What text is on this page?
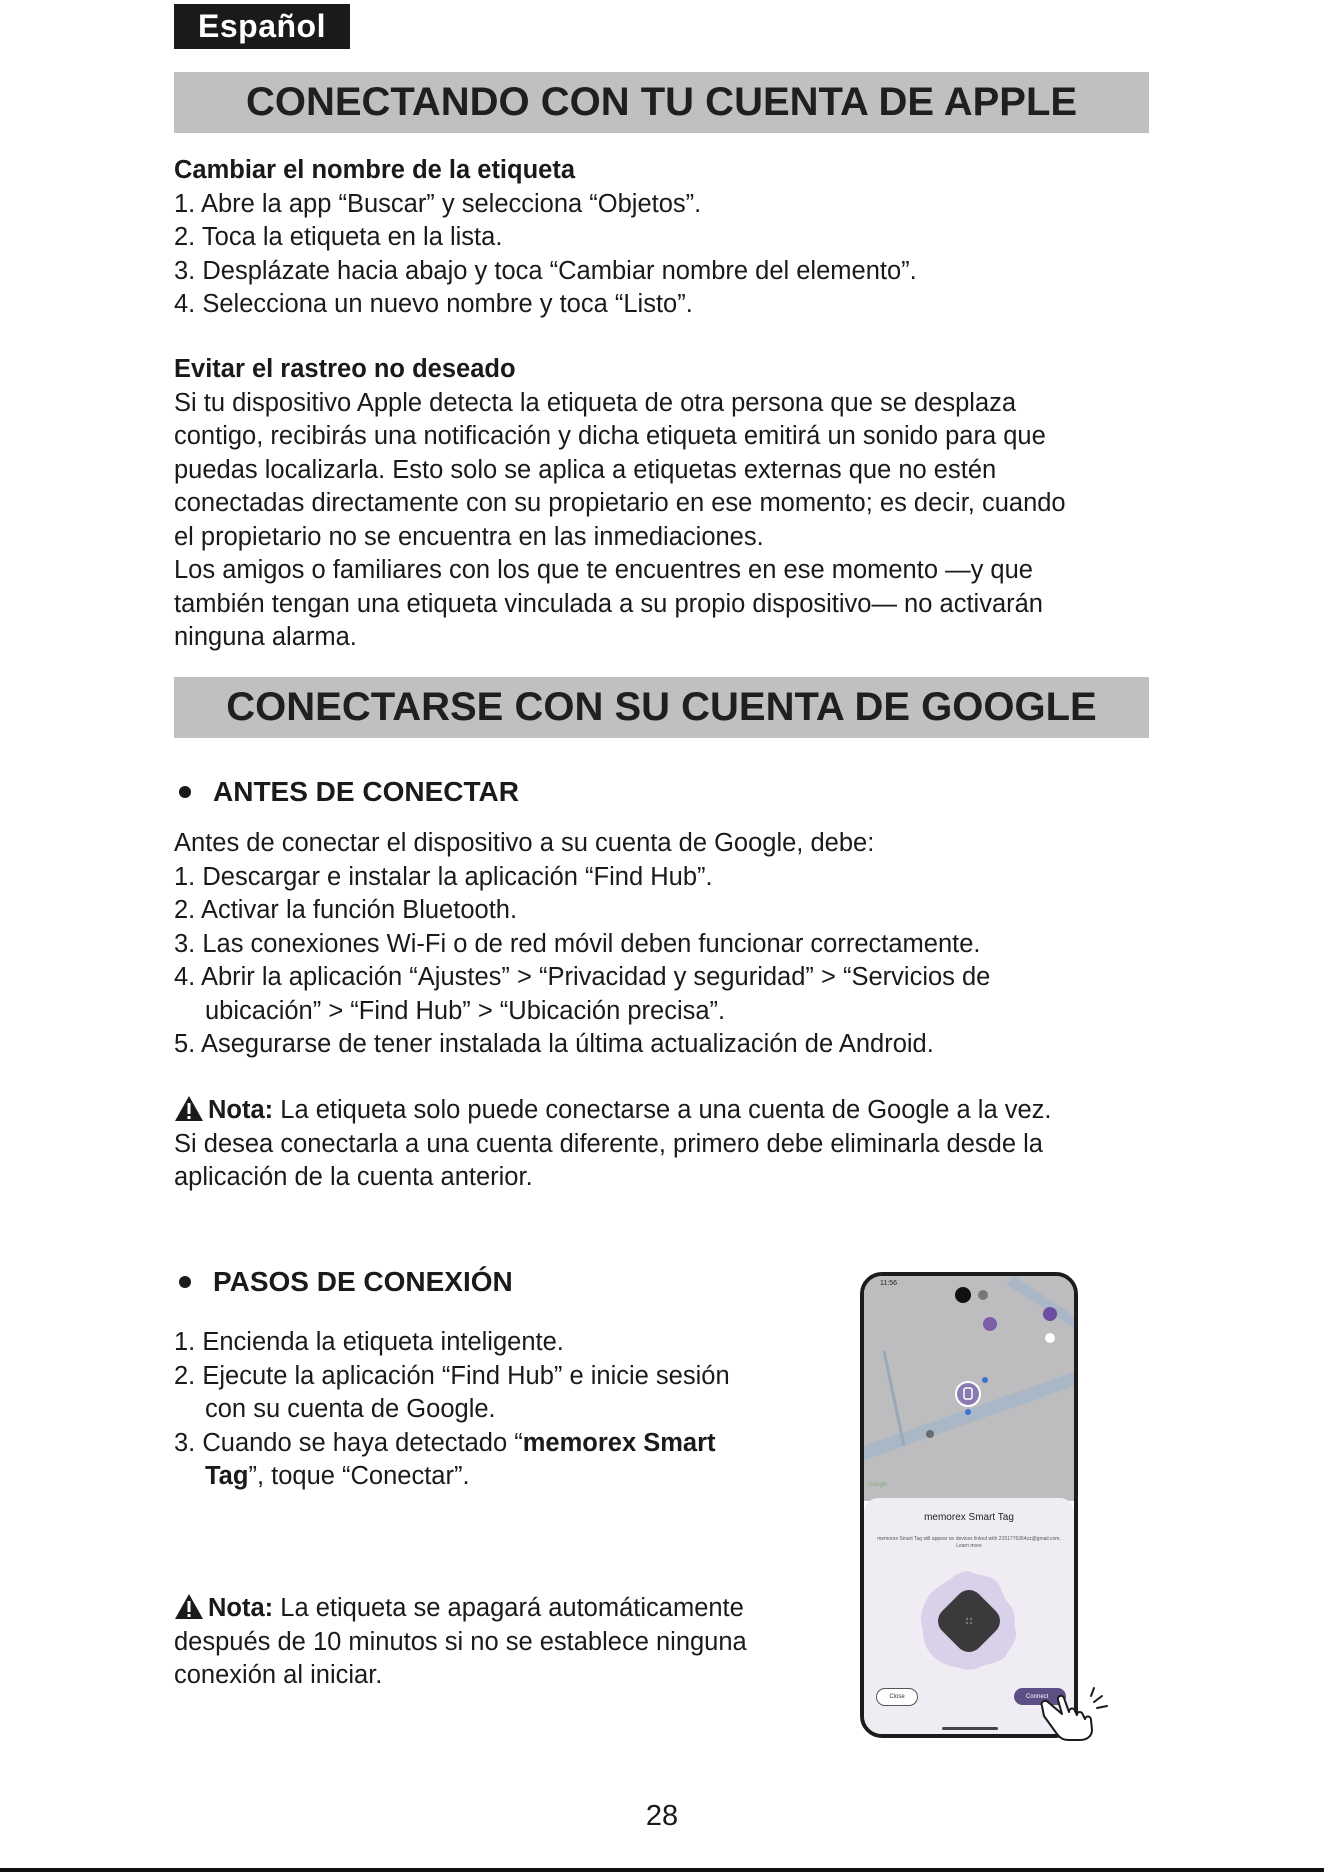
Español
CONECTANDO CON TU CUENTA DE APPLE

Cambiar el nombre de la etiqueta

1. Abre la app “Buscar” y selecciona “Objetos”.

2. Toca la etiqueta en la lista.

3. Desplázate hacia abajo y toca “Cambiar nombre del elemento”.

4. Selecciona un nuevo nombre y toca “Listo”.

Evitar el rastreo no deseado

Si tu dispositivo Apple detecta la etiqueta de otra persona que se desplaza

contigo, recibirás una notificación y dicha etiqueta emitirá un sonido para que

puedas localizarla. Esto solo se aplica a etiquetas externas que no estén

conectadas directamente con su propietario en ese momento; es decir, cuando

el propietario no se encuentra en las inmediaciones.

Los amigos o familiares con los que te encuentres en ese momento —y que

también tengan una etiqueta vinculada a su propio dispositivo— no activarán

ninguna alarma.

CONECTARSE CON SU CUENTA DE GOOGLE
ANTES DE CONECTAR

Antes de conectar el dispositivo a su cuenta de Google, debe:

1. Descargar e instalar la aplicación “Find Hub”.

2. Activar la función Bluetooth.

3. Las conexiones Wi-Fi o de red móvil deben funcionar correctamente.

4. Abrir la aplicación “Ajustes” > “Privacidad y seguridad” > “Servicios de

ubicación” > “Find Hub” > “Ubicación precisa”.

5. Asegurarse de tener instalada la última actualización de Android.

Nota: La etiqueta solo puede conectarse a una cuenta de Google a la vez.

Si desea conectarla a una cuenta diferente, primero debe eliminarla desde la

aplicación de la cuenta anterior.

PASOS DE CONEXIÓN

1. Encienda la etiqueta inteligente.

2. Ejecute la aplicación “Find Hub” e inicie sesión

con su cuenta de Google.

3. Cuando se haya detectado “memorex Smart

Tag”, toque “Conectar”.

Nota: La etiqueta se apagará automáticamente

después de 10 minutos si no se establece ninguna

conexión al iniciar.

11:56
Google
memorex Smart Tag
memorex Smart Tag will appear on devices linked with 2151776364zz@gmail.com. Learn more
Close	Connect
28
